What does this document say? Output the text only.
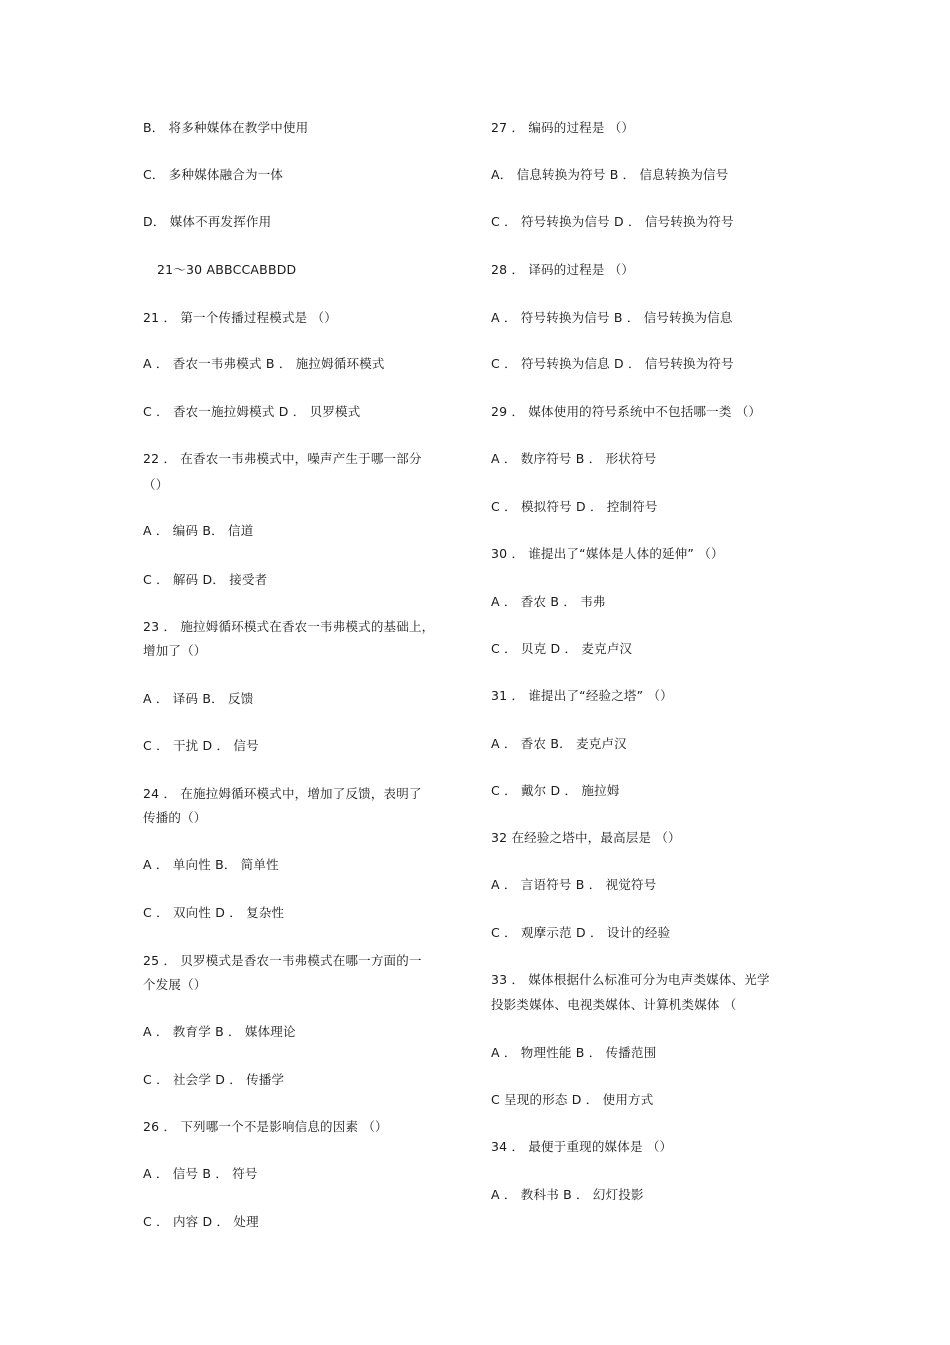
B． 将多种媒体在教学中使用
C． 多种媒体融合为一体
D． 媒体不再发挥作用
21～30 ABBCCABBDD
21 ． 第一个传播过程模式是 （）
A ． 香农一韦弗模式 B ． 施拉姆循环模式
C ． 香农一施拉姆模式 D ． 贝罗模式
22 ． 在香农一韦弗模式中，噪声产生于哪一部分
（）
A ． 编码 B． 信道
C ． 解码 D． 接受者
23 ． 施拉姆循环模式在香农一韦弗模式的基础上，
增加了（）
A ． 译码 B． 反馈
C ． 干扰 D ． 信号
24 ． 在施拉姆循环模式中，增加了反馈，表明了
传播的（）
A ． 单向性 B． 简单性
C ． 双向性 D ． 复杂性
25 ． 贝罗模式是香农一韦弗模式在哪一方面的一
个发展（）
A ． 教育学 B ． 媒体理论
C ． 社会学 D ． 传播学
26 ． 下列哪一个不是影响信息的因素 （）
A ． 信号 B ． 符号
C ． 内容 D ． 处理
27 ． 编码的过程是 （）
A． 信息转换为符号 B ． 信息转换为信号
C ． 符号转换为信号 D ． 信号转换为符号
28 ． 译码的过程是 （）
A ． 符号转换为信号 B ． 信号转换为信息
C ． 符号转换为信息 D ． 信号转换为符号
29 ． 媒体使用的符号系统中不包括哪一类 （）
A ． 数序符号 B ． 形状符号
C ． 模拟符号 D ． 控制符号
30 ． 谁提出了“媒体是人体的延伸” （）
A ． 香农 B ． 韦弗
C ． 贝克 D ． 麦克卢汉
31 ． 谁提出了“经验之塔” （）
A ． 香农 B． 麦克卢汉
C ． 戴尔 D ． 施拉姆
32 在经验之塔中，最高层是 （）
A ． 言语符号 B ． 视觉符号
C ． 观摩示范 D ． 设计的经验
33 ． 媒体根据什么标准可分为电声类媒体、光学
投影类媒体、电视类媒体、计算机类媒体 （
A ． 物理性能 B ． 传播范围
C 呈现的形态 D ． 使用方式
34 ． 最便于重现的媒体是 （）
A ． 教科书 B ． 幻灯投影
